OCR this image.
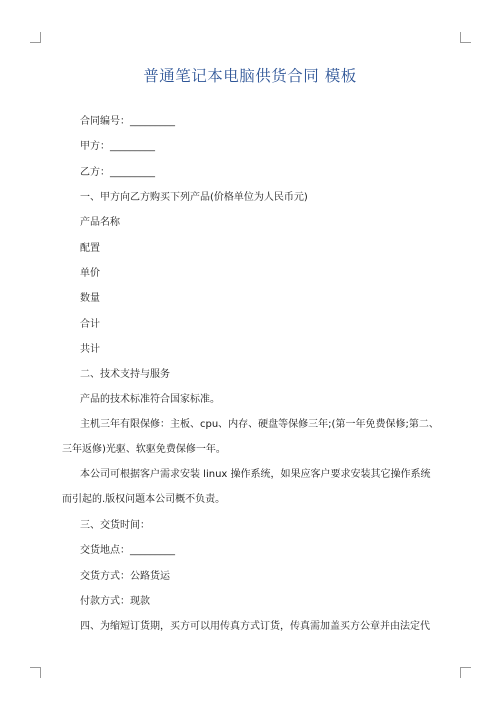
普通笔记本电脑供货合同 模板
合同编号：_________
甲方：_________
乙方：_________
一、甲方向乙方购买下列产品(价格单位为人民币元)
产品名称
配置
单价
数量
合计
共计
二、技术支持与服务
产品的技术标准符合国家标准。
主机三年有限保修：主板、cpu、内存、硬盘等保修三年;(第一年免费保修;第二、
三年返修)光驱、软驱免费保修一年。
本公司可根据客户需求安装 linux 操作系统，如果应客户要求安装其它操作系统
而引起的.版权问题本公司概不负责。
三、交货时间：
交货地点：_________
交货方式：公路货运
付款方式：现款
四、为缩短订货期，买方可以用传真方式订货，传真需加盖买方公章并由法定代
